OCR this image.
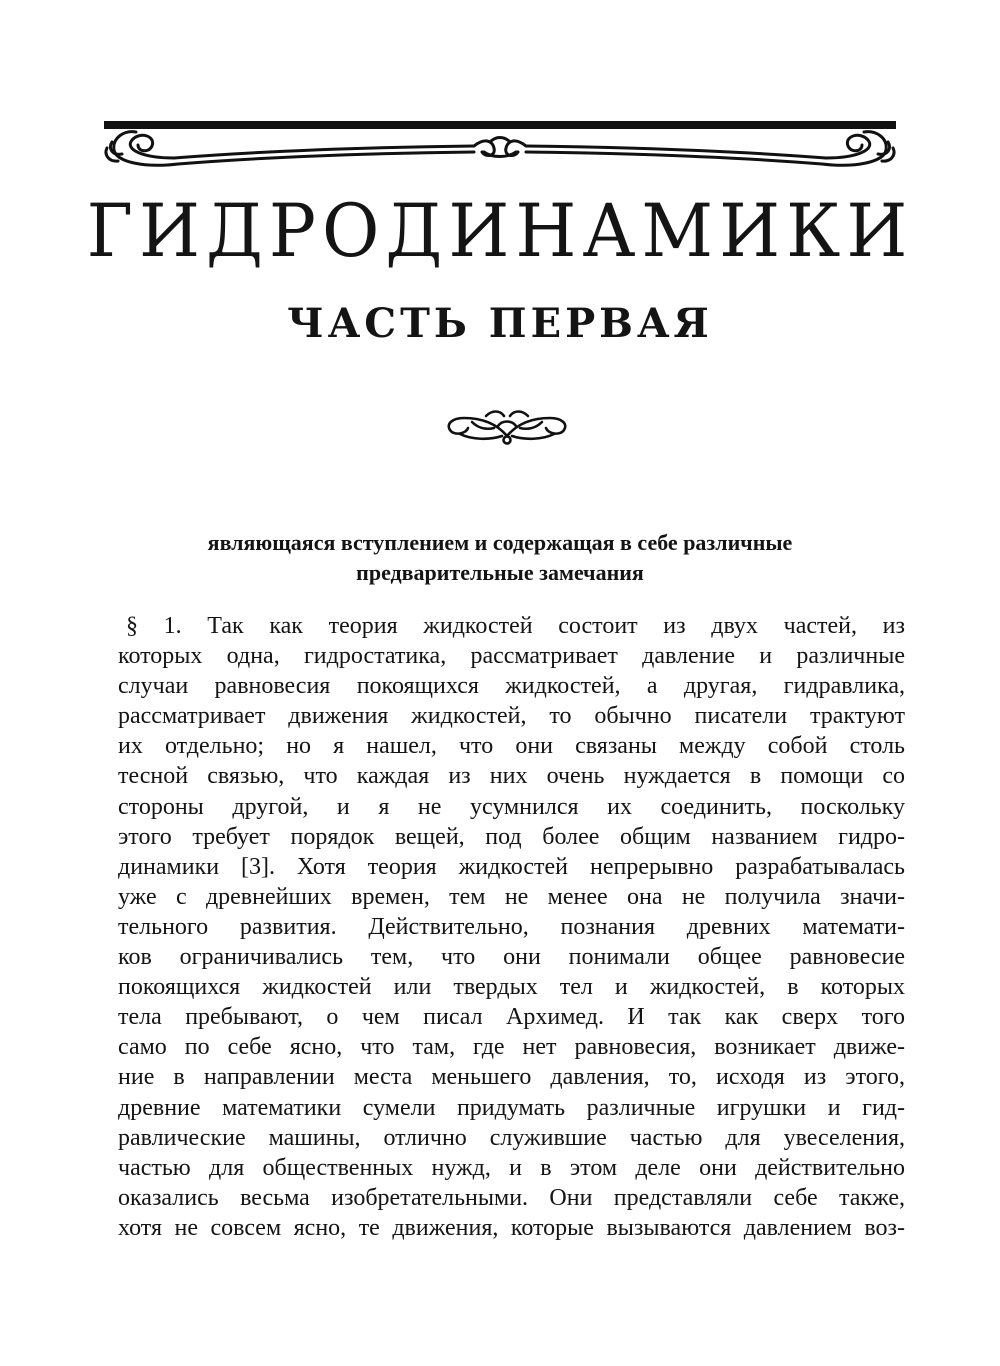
ГИДРОДИНАМИКИ
ЧАСТЬ ПЕРВАЯ
являющаяся вступлением и содержащая в себе различные
предварительные замечания
§ 1. Так как теория жидкостей состоит из двух частей, из
которых одна, гидростатика, рассматривает давление и различные
случаи равновесия покоящихся жидкостей, а другая, гидравлика,
рассматривает движения жидкостей, то обычно писатели трактуют
их отдельно; но я нашел, что они связаны между собой столь
тесной связью, что каждая из них очень нуждается в помощи со
стороны другой, и я не усумнился их соединить, поскольку
этого требует порядок вещей, под более общим названием гидро-
динамики [3]. Хотя теория жидкостей непрерывно разрабатывалась
уже с древнейших времен, тем не менее она не получила значи-
тельного развития. Действительно, познания древних математи-
ков ограничивались тем, что они понимали общее равновесие
покоящихся жидкостей или твердых тел и жидкостей, в которых
тела пребывают, о чем писал Архимед. И так как сверх того
само по себе ясно, что там, где нет равновесия, возникает движе-
ние в направлении места меньшего давления, то, исходя из этого,
древние математики сумели придумать различные игрушки и гид-
равлические машины, отлично служившие частью для увеселения,
частью для общественных нужд, и в этом деле они действительно
оказались весьма изобретательными. Они представляли себе также,
хотя не совсем ясно, те движения, которые вызываются давлением воз-
